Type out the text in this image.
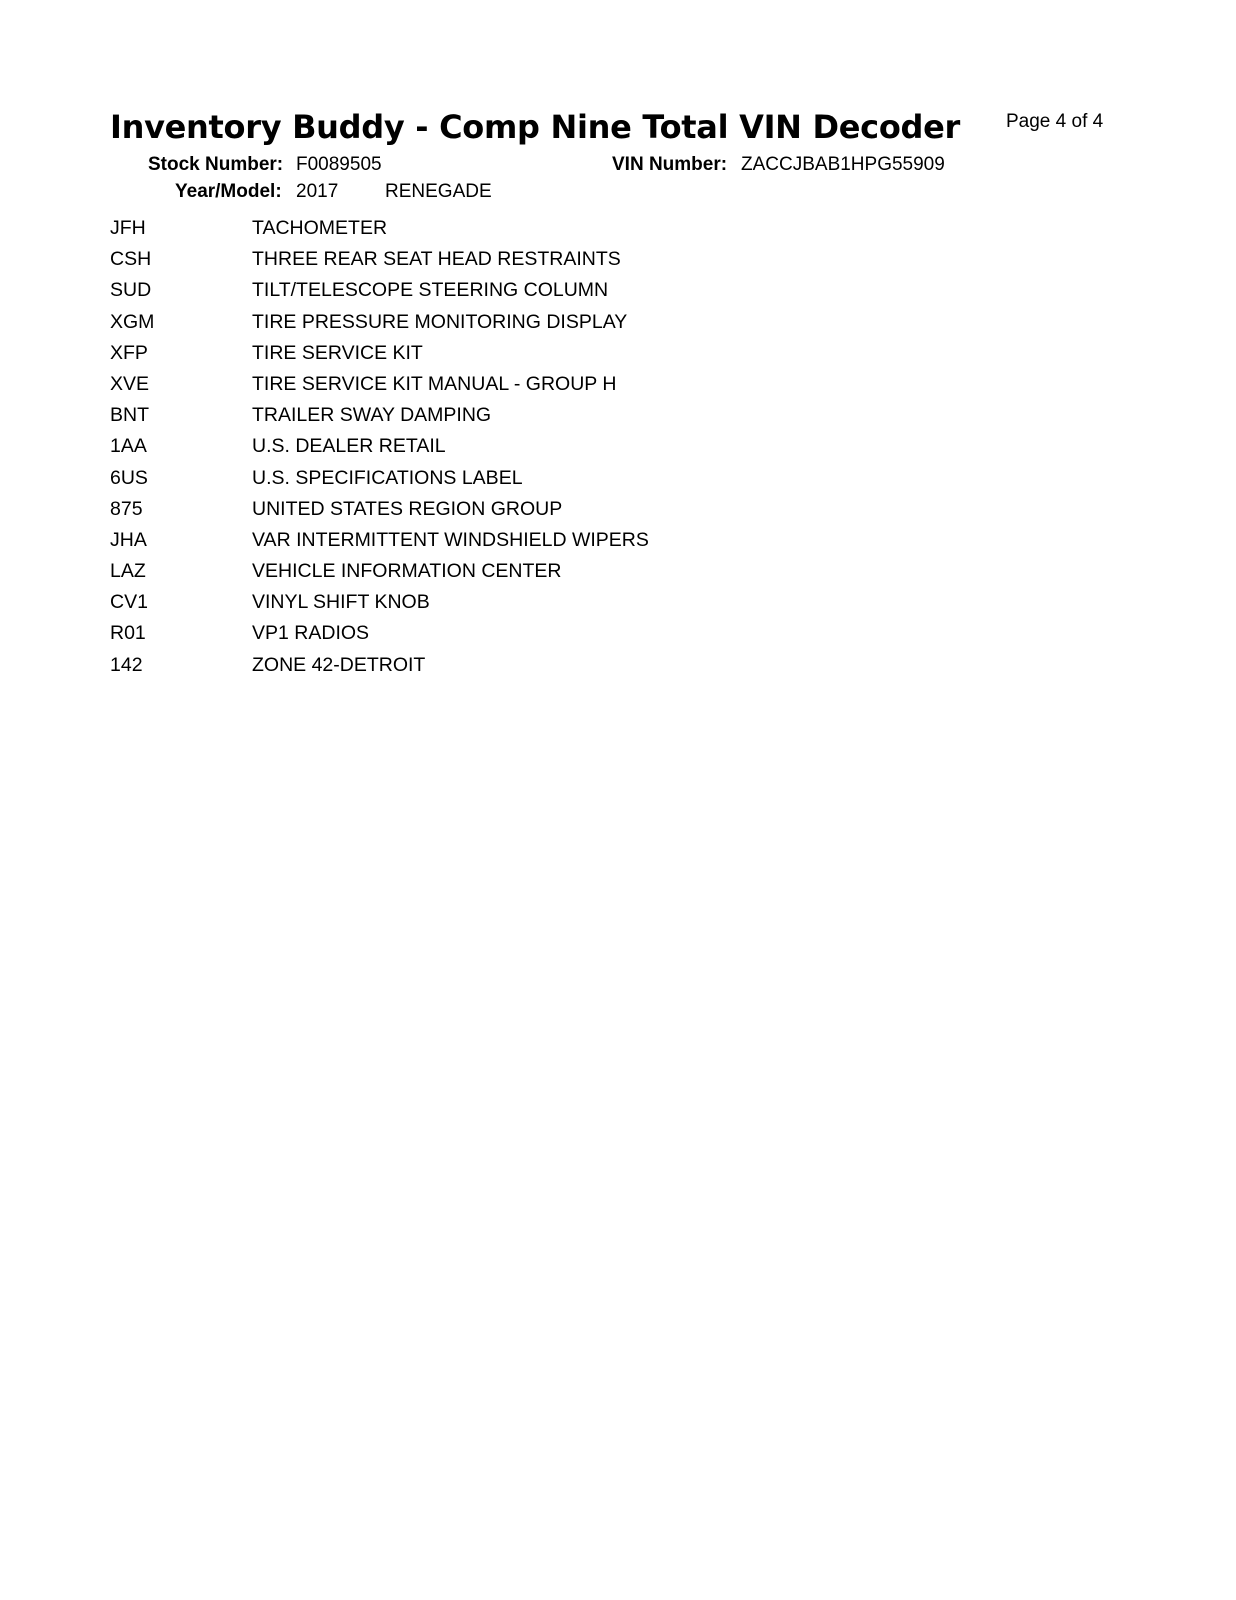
Inventory Buddy - Comp Nine Total VIN Decoder Page 4 of 4
Stock Number: F0089505	VIN Number: ZACCJBAB1HPG55909
Year/Model: 2017 RENEGADE
JFH	TACHOMETER
CSH	THREE REAR SEAT HEAD RESTRAINTS
SUD	TILT/TELESCOPE STEERING COLUMN
XGM	TIRE PRESSURE MONITORING DISPLAY
XFP	TIRE SERVICE KIT
XVE	TIRE SERVICE KIT MANUAL - GROUP H
BNT	TRAILER SWAY DAMPING
1AA	U.S. DEALER RETAIL
6US	U.S. SPECIFICATIONS LABEL
875	UNITED STATES REGION GROUP
JHA	VAR INTERMITTENT WINDSHIELD WIPERS
LAZ	VEHICLE INFORMATION CENTER
CV1	VINYL SHIFT KNOB
R01	VP1 RADIOS
142	ZONE 42-DETROIT
